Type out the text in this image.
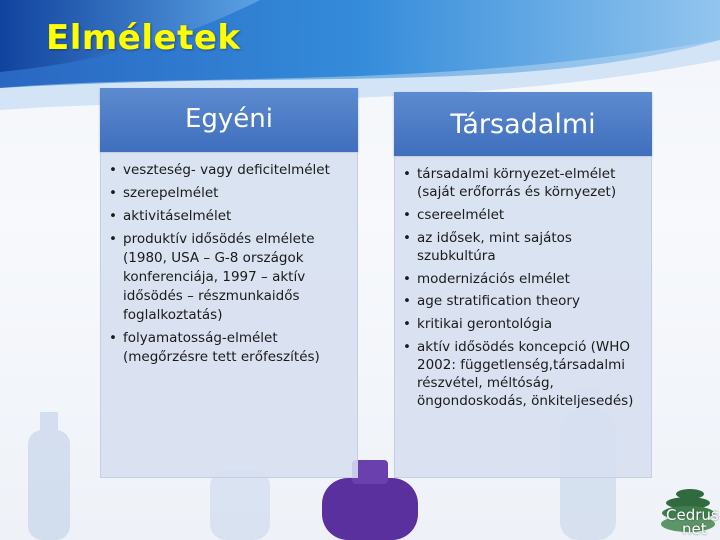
Elméletek
Egyéni
• veszteség- vagy deficitelmélet
• szerepelmélet
• aktivitáselmélet
• produktív idősödés elmélete (1980, USA – G-8 országok konferenciája, 1997 – aktív idősödés – részmunkaidős foglalkoztatás)
• folyamatosság-elmélet (megőrzésre tett erőfeszítés)
Társadalmi
• társadalmi környezet-elmélet (saját erőforrás és környezet)
• csereelmélet
• az idősek, mint sajátos szubkultúra
• modernizációs elmélet
• age stratification theory
• kritikai gerontológia
• aktív idősödés koncepció (WHO 2002: függetlenség,társadalmi részvétel, méltóság, öngondoskodás, önkiteljesedés)
Cedrus
net
